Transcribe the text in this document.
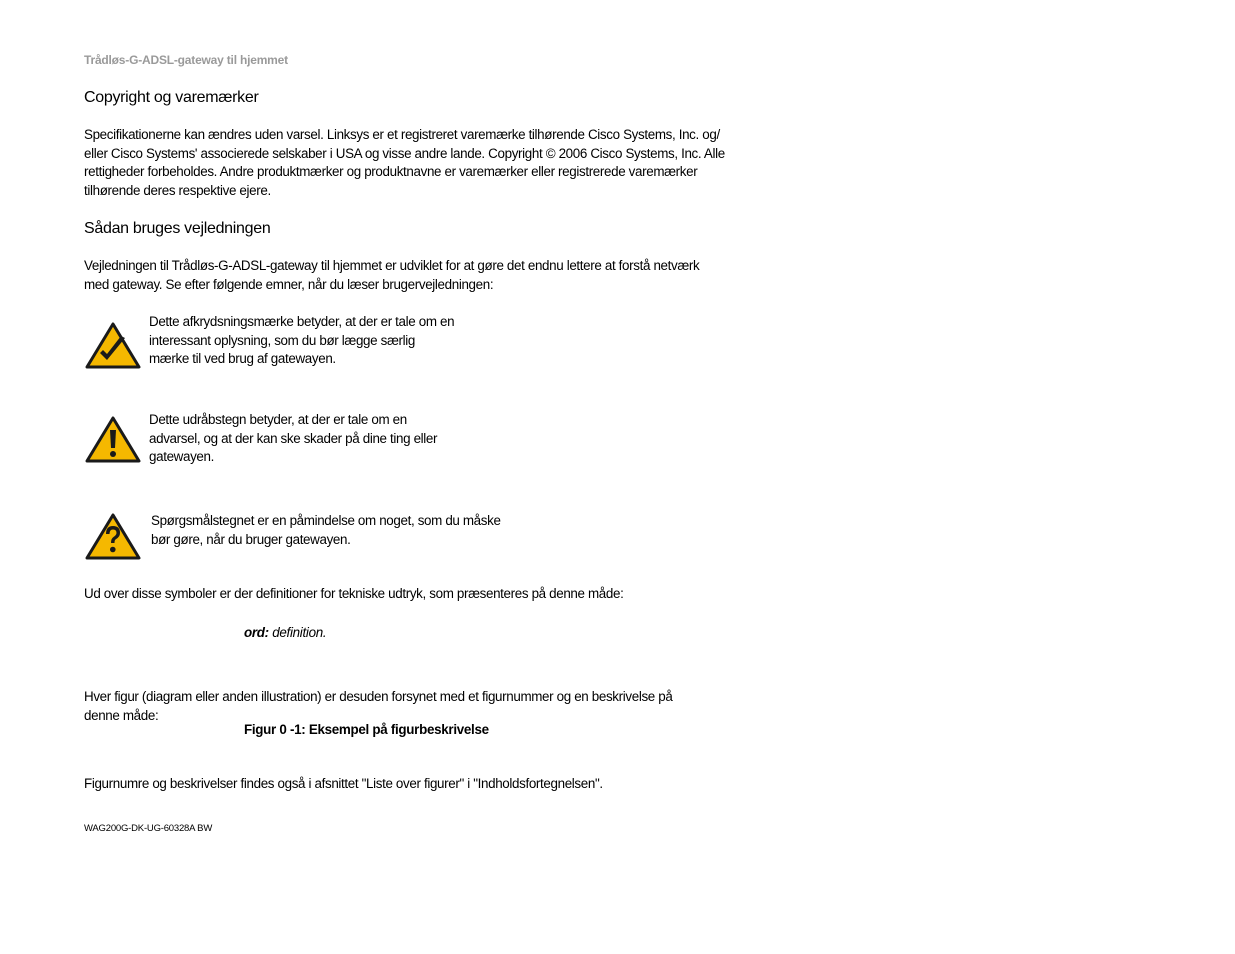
Trådløs-G-ADSL-gateway til hjemmet
Copyright og varemærker
Specifikationerne kan ændres uden varsel. Linksys er et registreret varemærke tilhørende Cisco Systems, Inc. og/
eller Cisco Systems' associerede selskaber i USA og visse andre lande. Copyright © 2006 Cisco Systems, Inc. Alle
rettigheder forbeholdes. Andre produktmærker og produktnavne er varemærker eller registrerede varemærker
tilhørende deres respektive ejere.
Sådan bruges vejledningen
Vejledningen til Trådløs-G-ADSL-gateway til hjemmet er udviklet for at gøre det endnu lettere at forstå netværk
med gateway. Se efter følgende emner, når du læser brugervejledningen:
Dette afkrydsningsmærke betyder, at der er tale om en
interessant oplysning, som du bør lægge særlig
mærke til ved brug af gatewayen.
Dette udråbstegn betyder, at der er tale om en
advarsel, og at der kan ske skader på dine ting eller
gatewayen.
Spørgsmålstegnet er en påmindelse om noget, som du måske
bør gøre, når du bruger gatewayen.
Ud over disse symboler er der definitioner for tekniske udtryk, som præsenteres på denne måde:
ord: definition.
Hver figur (diagram eller anden illustration) er desuden forsynet med et figurnummer og en beskrivelse på
denne måde:
Figur 0 -1: Eksempel på figurbeskrivelse
Figurnumre og beskrivelser findes også i afsnittet "Liste over figurer" i "Indholdsfortegnelsen".
WAG200G-DK-UG-60328A BW
